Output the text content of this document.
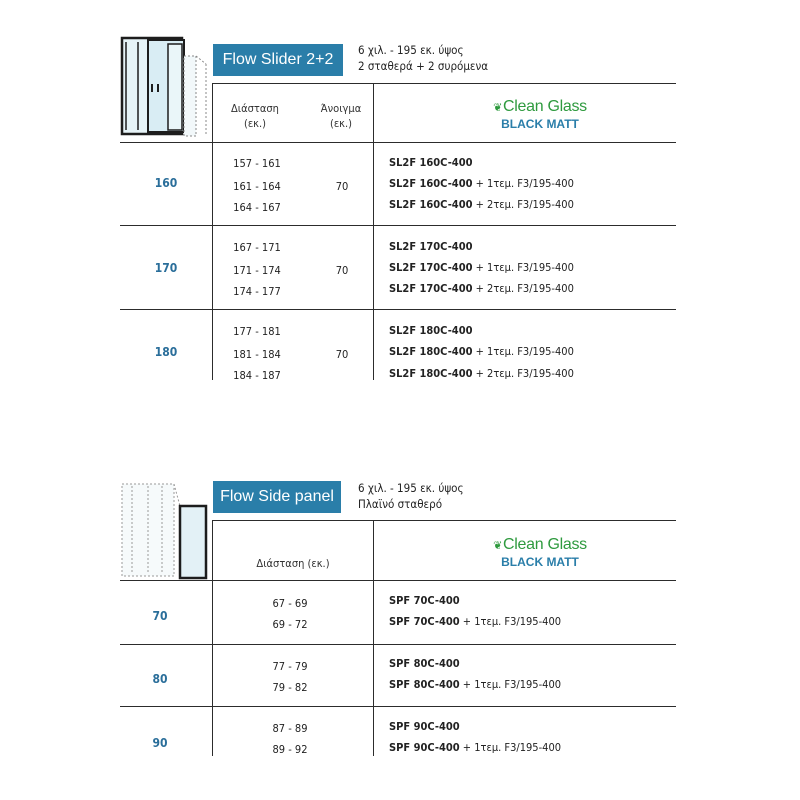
Flow Slider 2+2
6 χιλ. - 195 εκ. ύψος
2 σταθερά + 2 συρόμενα
Διάσταση
(εκ.)
Άνοιγμα
(εκ.)
❦Clean Glass
BLACK MATT
160
157 - 161
161 - 164
164 - 167
70
SL2F 160C-400
SL2F 160C-400 + 1τεμ. F3/195-400
SL2F 160C-400 + 2τεμ. F3/195-400
170
167 - 171
171 - 174
174 - 177
70
SL2F 170C-400
SL2F 170C-400 + 1τεμ. F3/195-400
SL2F 170C-400 + 2τεμ. F3/195-400
180
177 - 181
181 - 184
184 - 187
70
SL2F 180C-400
SL2F 180C-400 + 1τεμ. F3/195-400
SL2F 180C-400 + 2τεμ. F3/195-400
Flow Side panel	6 χιλ. - 195 εκ. ύψος
Πλαϊνό σταθερό
Διάσταση (εκ.)
❦Clean Glass
BLACK MATT
70
67 - 69
69 - 72
SPF 70C-400
SPF 70C-400 + 1τεμ. F3/195-400
80
77 - 79
79 - 82
SPF 80C-400
SPF 80C-400 + 1τεμ. F3/195-400
90
87 - 89
89 - 92
SPF 90C-400
SPF 90C-400 + 1τεμ. F3/195-400
